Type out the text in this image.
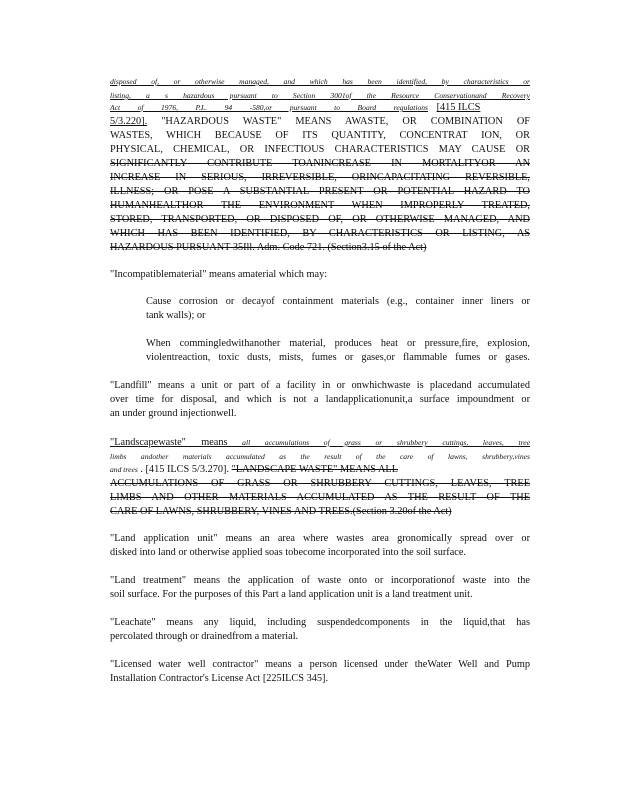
disposed of, or otherwise managed, and which has been identified, by characteristics or
listing, a s hazardous pursuant to Section 3001of the Resource Conservationand Recovery
Act of 1976, P.L. 94 -580,or pursuant to Board regulations [415 ILCS
5/3.220]. "HAZARDOUS WASTE" MEANS AWASTE, OR COMBINATION OF
WASTES, WHICH BECAUSE OF ITS QUANTITY, CONCENTRAT ION, OR
PHYSICAL, CHEMICAL, OR INFECTIOUS CHARACTERISTICS MAY CAUSE OR
SIGNIFICANTLY CONTRIBUTE TOANINCREASE IN MORTALITYOR AN
INCREASE IN SERIOUS, IRREVERSIBLE, ORINCAPACITATING REVERSIBLE,
ILLNESS; OR POSE A SUBSTANTIAL PRESENT OR POTENTIAL HAZARD TO
HUMANHEALTHOR THE ENVIRONMENT WHEN IMPROPERLY TREATED,
STORED, TRANSPORTED, OR DISPOSED OF, OR OTHERWISE MANAGED, AND
WHICH HAS BEEN IDENTIFIED, BY CHARACTERISTICS OR LISTING, AS
HAZARDOUS PURSUANT 35Ill. Adm. Code 721. (Section3.15 of the Act)
"Incompatiblematerial" means amaterial which may:
Cause corrosion or decayof containment materials (e.g., container inner liners or
tank walls); or
When commingledwithanother material, produces heat or pressure,fire, explosion,
violentreaction, toxic dusts, mists, fumes or gases,or flammable fumes or gases.
"Landfill" means a unit or part of a facility in or onwhichwaste is placedand accumulated
over time for disposal, and which is not a landapplicationunit,a surface impoundment or
an under ground injectionwell.
"Landscapewaste" means all accumulations of grass or shrubbery cuttings, leaves, tree
limbs andother materials accumulated as the result of the care of lawns, shrubbery,vines
and trees . [415 ILCS 5/3.270]. "LANDSCAPE WASTE" MEANS ALL
ACCUMULATIONS OF GRASS OR SHRUBBERY CUTTINGS, LEAVES, TREE
LIMBS AND OTHER MATERIALS ACCUMULATED AS THE RESULT OF THE
CARE OF LAWNS, SHRUBBERY, VINES AND TREES.(Section 3.20of the Act)
"Land application unit" means an area where wastes area gronomically spread over or
disked into land or otherwise applied soas tobecome incorporated into the soil surface.
"Land treatment" means the application of waste onto or incorporationof waste into the
soil surface. For the purposes of this Part a land application unit is a land treatment unit.
"Leachate" means any liquid, including suspendedcomponents in the liquid,that has
percolated through or drainedfrom a material.
"Licensed water well contractor" means a person licensed under theWater Well and Pump
Installation Contractor's License Act [225ILCS 345].
